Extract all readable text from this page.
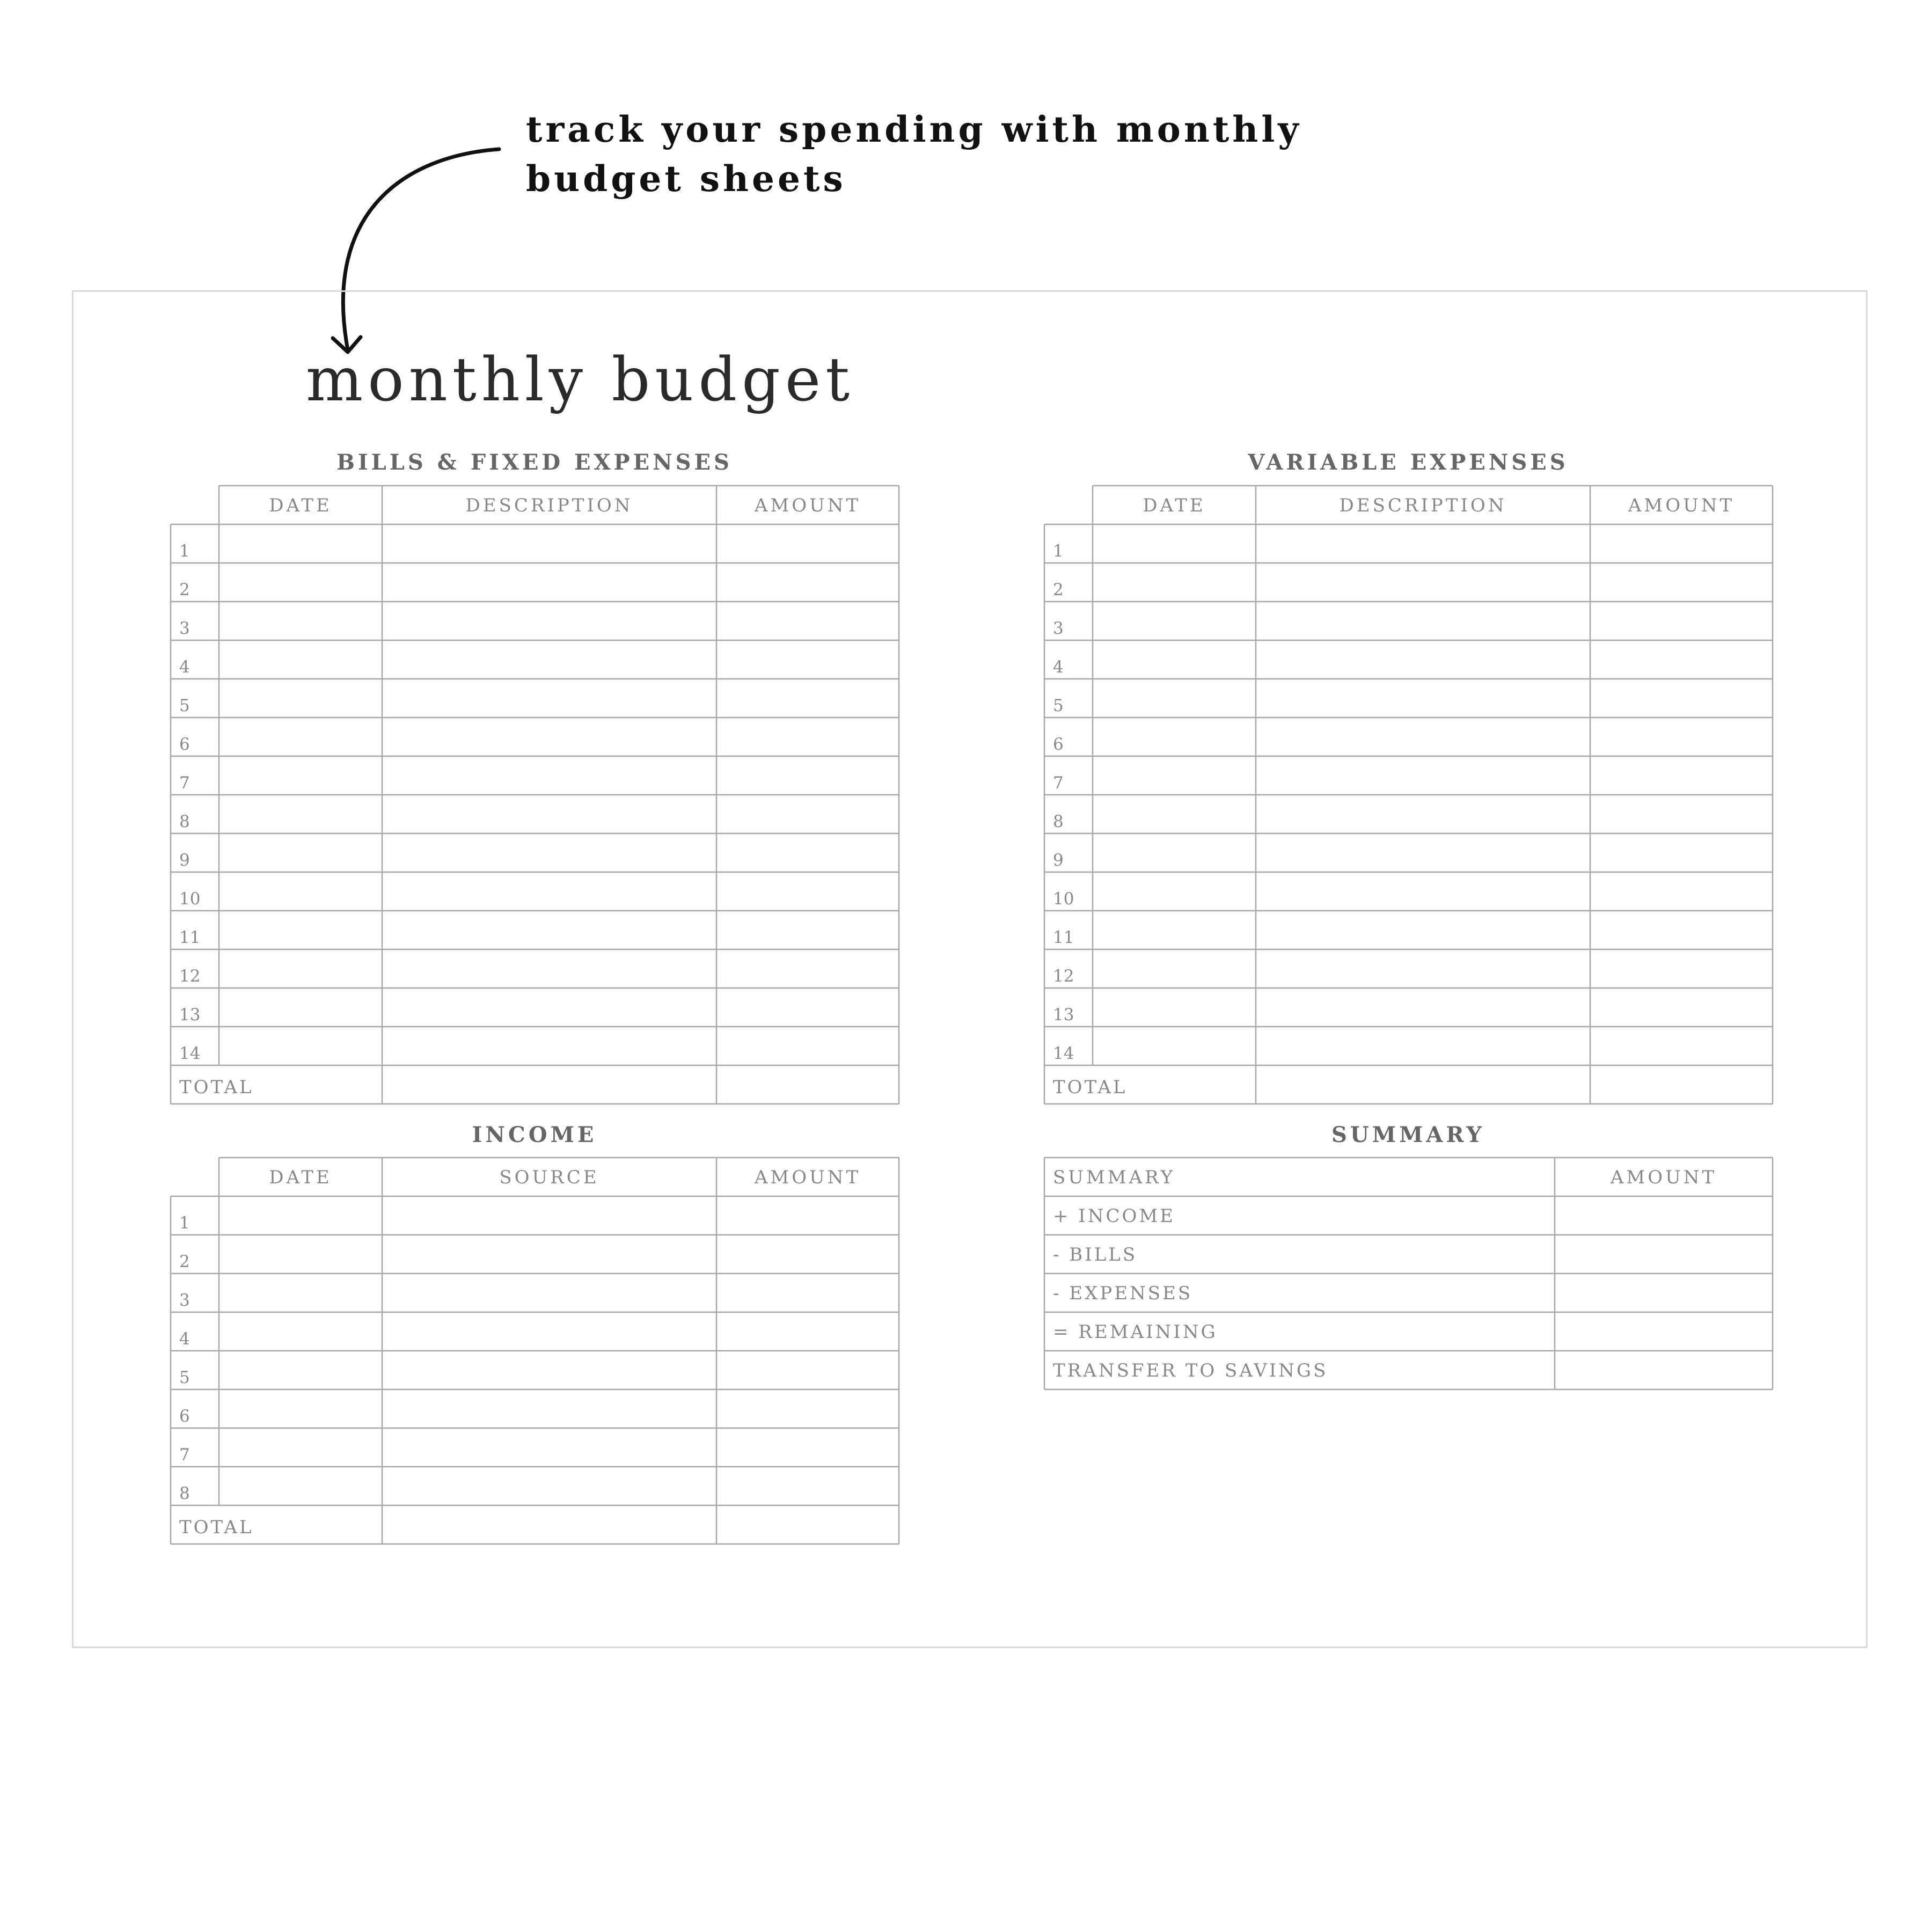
track your spending with monthly budget sheets
monthly budget
BILLS & FIXED EXPENSES	VARIABLE EXPENSES
INCOME	SUMMARY
DATE	DESCRIPTION	AMOUNT
1
2
3
4
5
6
7
8
9
10
11
12
13
14
TOTAL
DATE	DESCRIPTION	AMOUNT
1
2
3
4
5
6
7
8
9
10
11
12
13
14
TOTAL
DATE	SOURCE	AMOUNT
1
2
3
4
5
6
7
8
TOTAL
SUMMARY	AMOUNT
+ INCOME
- BILLS
- EXPENSES
= REMAINING
TRANSFER TO SAVINGS
